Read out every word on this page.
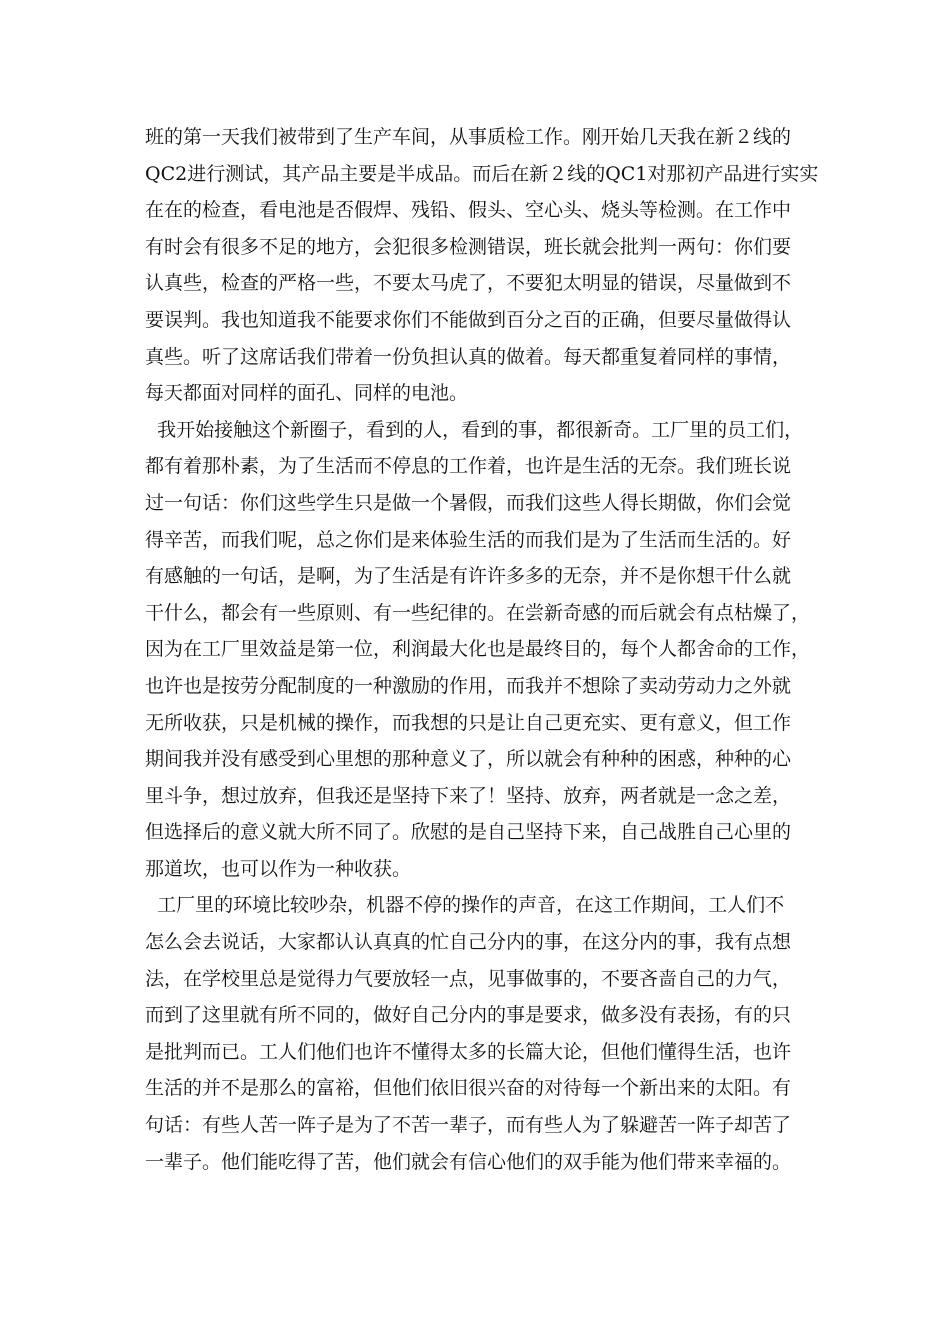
班的第一天我们被带到了生产车间，从事质检工作。刚开始几天我在新２线的

QC2进行测试，其产品主要是半成品。而后在新２线的QC1对那初产品进行实实

在在的检查，看电池是否假焊、残铅、假头、空心头、烧头等检测。在工作中

有时会有很多不足的地方，会犯很多检测错误，班长就会批判一两句：你们要

认真些，检查的严格一些，不要太马虎了，不要犯太明显的错误，尽量做到不

要误判。我也知道我不能要求你们不能做到百分之百的正确，但要尽量做得认

真些。听了这席话我们带着一份负担认真的做着。每天都重复着同样的事情，

每天都面对同样的面孔、同样的电池。

我开始接触这个新圈子，看到的人，看到的事，都很新奇。工厂里的员工们，

都有着那朴素，为了生活而不停息的工作着，也许是生活的无奈。我们班长说

过一句话：你们这些学生只是做一个暑假，而我们这些人得长期做，你们会觉

得辛苦，而我们呢，总之你们是来体验生活的而我们是为了生活而生活的。好

有感触的一句话，是啊，为了生活是有许许多多的无奈，并不是你想干什么就

干什么，都会有一些原则、有一些纪律的。在尝新奇感的而后就会有点枯燥了，

因为在工厂里效益是第一位，利润最大化也是最终目的，每个人都舍命的工作，

也许也是按劳分配制度的一种激励的作用，而我并不想除了卖动劳动力之外就

无所收获，只是机械的操作，而我想的只是让自己更充实、更有意义，但工作

期间我并没有感受到心里想的那种意义了，所以就会有种种的困惑，种种的心

里斗争，想过放弃，但我还是坚持下来了！坚持、放弃，两者就是一念之差，

但选择后的意义就大所不同了。欣慰的是自己坚持下来，自己战胜自己心里的

那道坎，也可以作为一种收获。

工厂里的环境比较吵杂，机器不停的操作的声音，在这工作期间，工人们不

怎么会去说话，大家都认认真真的忙自己分内的事，在这分内的事，我有点想

法，在学校里总是觉得力气要放轻一点，见事做事的，不要吝啬自己的力气，

而到了这里就有所不同的，做好自己分内的事是要求，做多没有表扬，有的只

是批判而已。工人们他们也许不懂得太多的长篇大论，但他们懂得生活，也许

生活的并不是那么的富裕，但他们依旧很兴奋的对待每一个新出来的太阳。有

句话：有些人苦一阵子是为了不苦一辈子，而有些人为了躲避苦一阵子却苦了

一辈子。他们能吃得了苦，他们就会有信心他们的双手能为他们带来幸福的。
